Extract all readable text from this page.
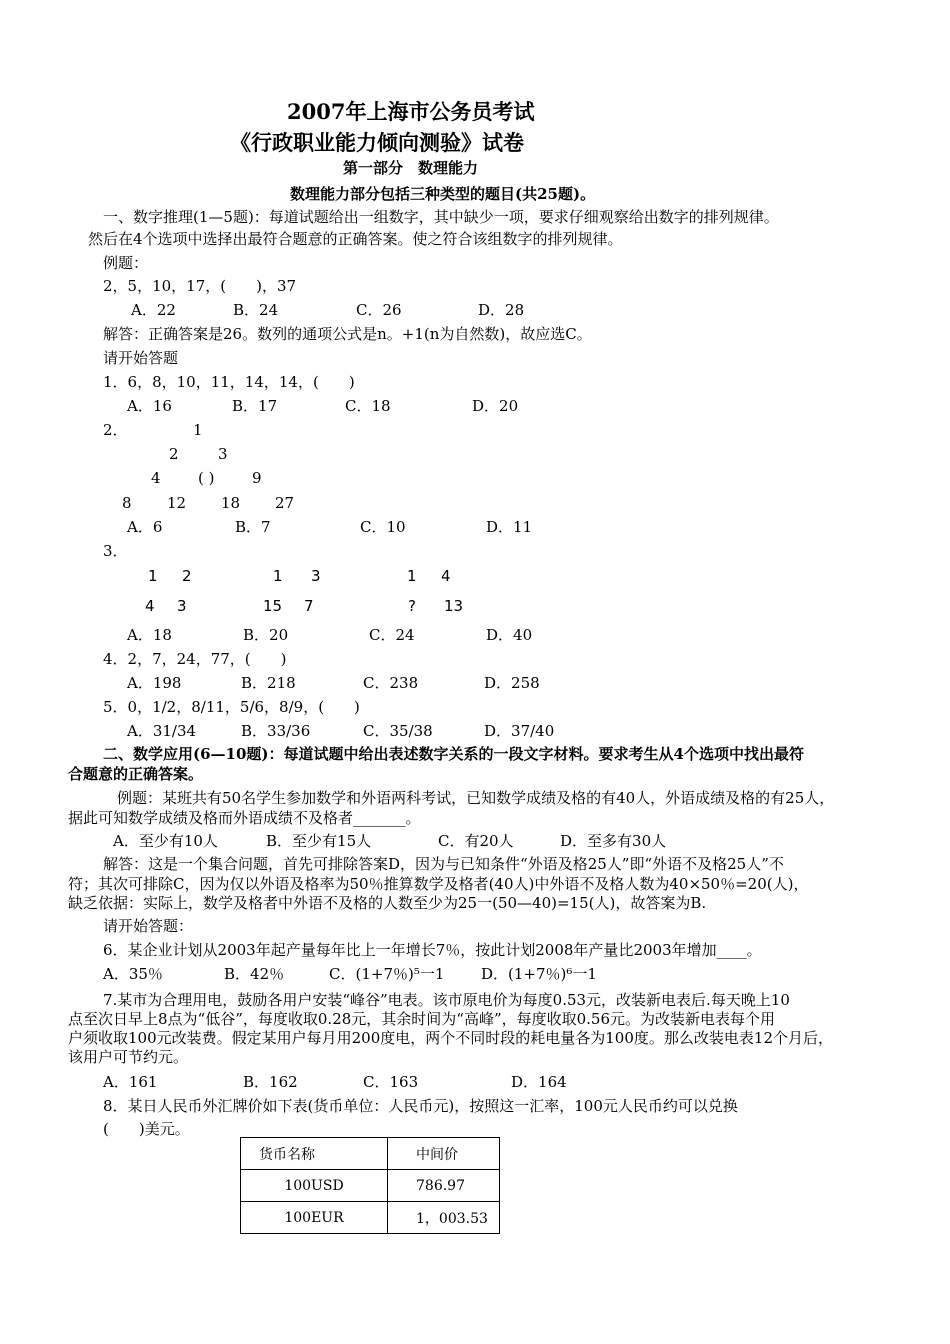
2007年上海市公务员考试
《行政职业能力倾向测验》试卷
第一部分　数理能力
数理能力部分包括三种类型的题目(共25题)。
一、数字推理(1—5题)：每道试题给出一组数字，其中缺少一项，要求仔细观察给出数字的排列规律。
然后在4个选项中选择出最符合题意的正确答案。使之符合该组数字的排列规律。
例题：
2，5，10，17，(　　)，37
A．22	B．24	C．26	D．28
解答：正确答案是26。数列的通项公式是n。+1(n为自然数)，故应选C。
请开始答题
1．6，8，10，11，14，14，(　　)
A．16	B．17	C．18	D．20
2．	1
2	3
4 ( )	9
8 12 18 27
A．6	B．7	C．10	D．11
3．
1 2	1 3	1 4
4 3	15 7	? 13
A．18	B．20	C．24	D．40
4．2，7，24，77，(　　)
A．198	B．218	C．238	D．258
5．0，1/2，8/11，5/6，8/9，(　　)
A．31/34	B．33/36	C．35/38	D．37/40
二、数学应用(6—10题)：每道试题中给出表述数字关系的一段文字材料。要求考生从4个选项中找出最符
合题意的正确答案。
例题：某班共有50名学生参加数学和外语两科考试，已知数学成绩及格的有40人，外语成绩及格的有25人，
据此可知数学成绩及格而外语成绩不及格者_______。
A．至少有10人	B．至少有15人	C．有20人	D．至多有30人
解答：这是一个集合问题，首先可排除答案D，因为与已知条件“外语及格25人”即“外语不及格25人”不
符；其次可排除C，因为仅以外语及格率为50％推算数学及格者(40人)中外语不及格人数为40×50％=20(人)，
缺乏依据：实际上，数学及格者中外语不及格的人数至少为25一(50—40)=15(人)，故答案为B.
请开始答题：
6．某企业计划从2003年起产量每年比上一年增长7％，按此计划2008年产量比2003年增加____。
A．35％	B．42％	C．(1+7％)⁵一1 D．(1+7％)⁶一1
7.某市为合理用电，鼓励各用户安装“峰谷”电表。该市原电价为每度0.53元，改装新电表后.每天晚上10
点至次日早上8点为“低谷”，每度收取0.28元，其余时间为“高峰”，每度收取0.56元。为改装新电表每个用
户须收取100元改装费。假定某用户每月用200度电，两个不同时段的耗电量各为100度。那么改装电表12个月后，
该用户可节约元。
A．161	B．162	C．163	D．164
8．某日人民币外汇牌价如下表(货币单位：人民币元)，按照这一汇率，100元人民币约可以兑换
(　　)美元。
货币名称	中间价
100USD	786.97
100EUR	1，003.53
